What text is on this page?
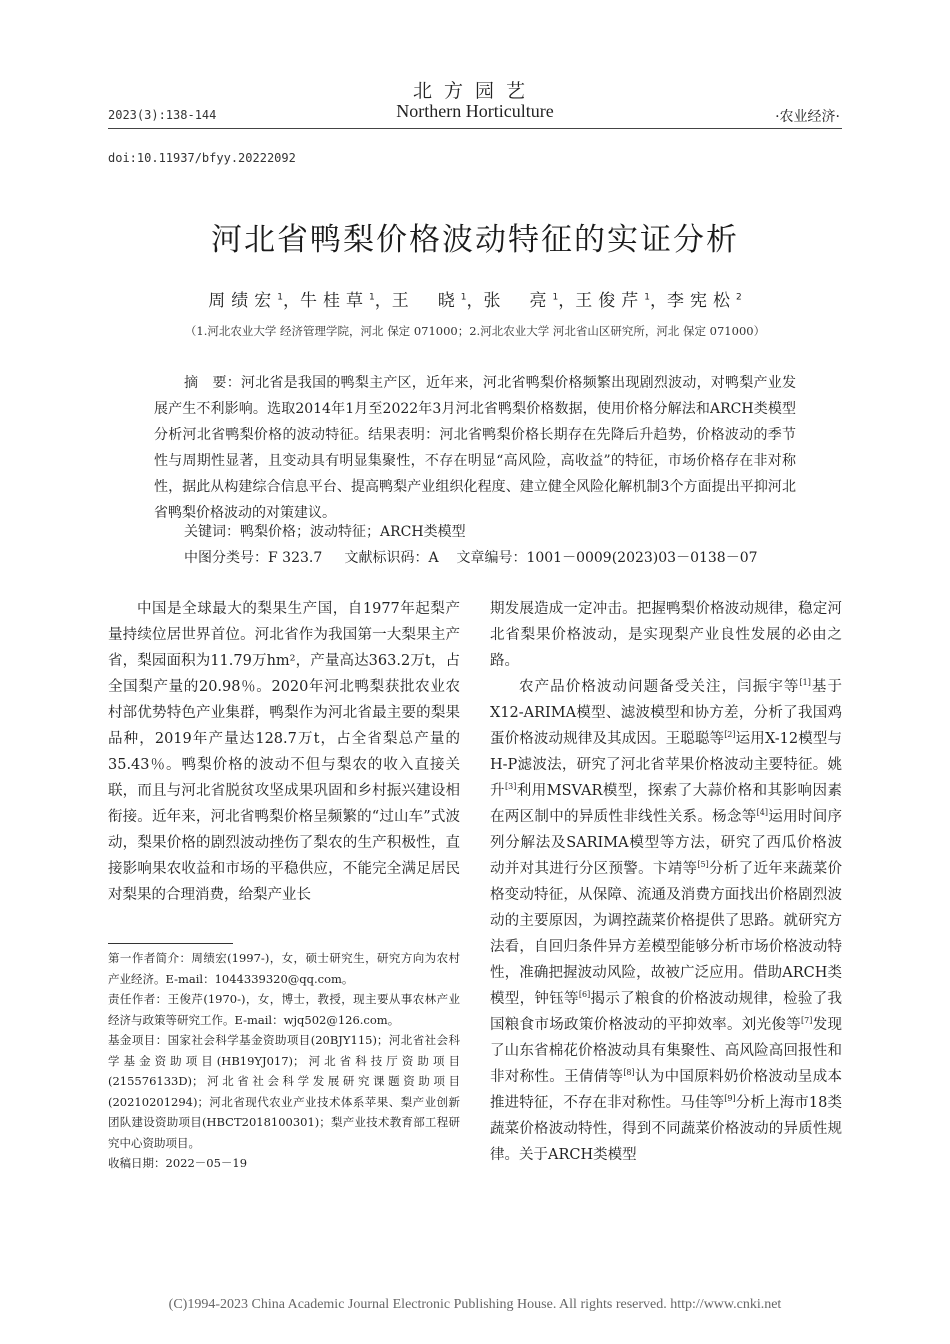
北方园艺
Northern Horticulture
2023(3):138-144	·农业经济·
doi:10.11937/bfyy.20222092
河北省鸭梨价格波动特征的实证分析
周绩宏$^1$，牛桂草$^1$，王　晓$^1$，张　亮$^1$，王俊芹$^1$，李宪松$^2$
（1.河北农业大学 经济管理学院，河北 保定 071000；2.河北农业大学 河北省山区研究所，河北 保定 071000）
摘　要：河北省是我国的鸭梨主产区，近年来，河北省鸭梨价格频繁出现剧烈波动，对鸭梨产业发展产生不利影响。选取2014年1月至2022年3月河北省鸭梨价格数据，使用价格分解法和ARCH类模型分析河北省鸭梨价格的波动特征。结果表明：河北省鸭梨价格长期存在先降后升趋势，价格波动的季节性与周期性显著，且变动具有明显集聚性，不存在明显“高风险，高收益”的特征，市场价格存在非对称性，据此从构建综合信息平台、提高鸭梨产业组织化程度、建立健全风险化解机制3个方面提出平抑河北省鸭梨价格波动的对策建议。
关键词：鸭梨价格；波动特征；ARCH类模型
中图分类号：F 323.7 文献标识码：A 文章编号：1001－0009(2023)03－0138－07

中国是全球最大的梨果生产国，自1977年起梨产量持续位居世界首位。河北省作为我国第一大梨果主产省，梨园面积为11.79万hm²，产量高达363.2万t，占全国梨产量的20.98％。2020年河北鸭梨获批农业农村部优势特色产业集群，鸭梨作为河北省最主要的梨果品种，2019年产量达128.7万t，占全省梨总产量的35.43％。鸭梨价格的波动不但与梨农的收入直接关联，而且与河北省脱贫攻坚成果巩固和乡村振兴建设相衔接。近年来，河北省鸭梨价格呈频繁的“过山车”式波动，梨果价格的剧烈波动挫伤了梨农的生产积极性，直接影响果农收益和市场的平稳供应，不能完全满足居民对梨果的合理消费，给梨产业长

期发展造成一定冲击。把握鸭梨价格波动规律，稳定河北省梨果价格波动，是实现梨产业良性发展的必由之路。

农产品价格波动问题备受关注，闫振宇等[1]基于X12-ARIMA模型、滤波模型和协方差，分析了我国鸡蛋价格波动规律及其成因。王聪聪等[2]运用X-12模型与H-P滤波法，研究了河北省苹果价格波动主要特征。姚升[3]利用MSVAR模型，探索了大蒜价格和其影响因素在两区制中的异质性非线性关系。杨念等[4]运用时间序列分解法及SARIMA模型等方法，研究了西瓜价格波动并对其进行分区预警。卞靖等[5]分析了近年来蔬菜价格变动特征，从保障、流通及消费方面找出价格剧烈波动的主要原因，为调控蔬菜价格提供了思路。就研究方法看，自回归条件异方差模型能够分析市场价格波动特性，准确把握波动风险，故被广泛应用。借助ARCH类模型，钟钰等[6]揭示了粮食的价格波动规律，检验了我国粮食市场政策价格波动的平抑效率。刘光俊等[7]发现了山东省棉花价格波动具有集聚性、高风险高回报性和非对称性。王倩倩等[8]认为中国原料奶价格波动呈成本推进特征，不存在非对称性。马佳等[9]分析上海市18类蔬菜价格波动特性，得到不同蔬菜价格波动的异质性规律。关于ARCH类模型

第一作者简介：周绩宏(1997-)，女，硕士研究生，研究方向为农村产业经济。E-mail：1044339320@qq.com。

责任作者：王俊芹(1970-)，女，博士，教授，现主要从事农林产业经济与政策等研究工作。E-mail：wjq502@126.com。

基金项目：国家社会科学基金资助项目(20BJY115)；河北省社会科学基金资助项目(HB19YJ017)；河北省科技厅资助项目(215576133D)；河北省社会科学发展研究课题资助项目(20210201294)；河北省现代农业产业技术体系苹果、梨产业创新团队建设资助项目(HBCT2018100301)；梨产业技术教育部工程研究中心资助项目。

收稿日期：2022－05－19

(C)1994-2023 China Academic Journal Electronic Publishing House. All rights reserved. http://www.cnki.net
